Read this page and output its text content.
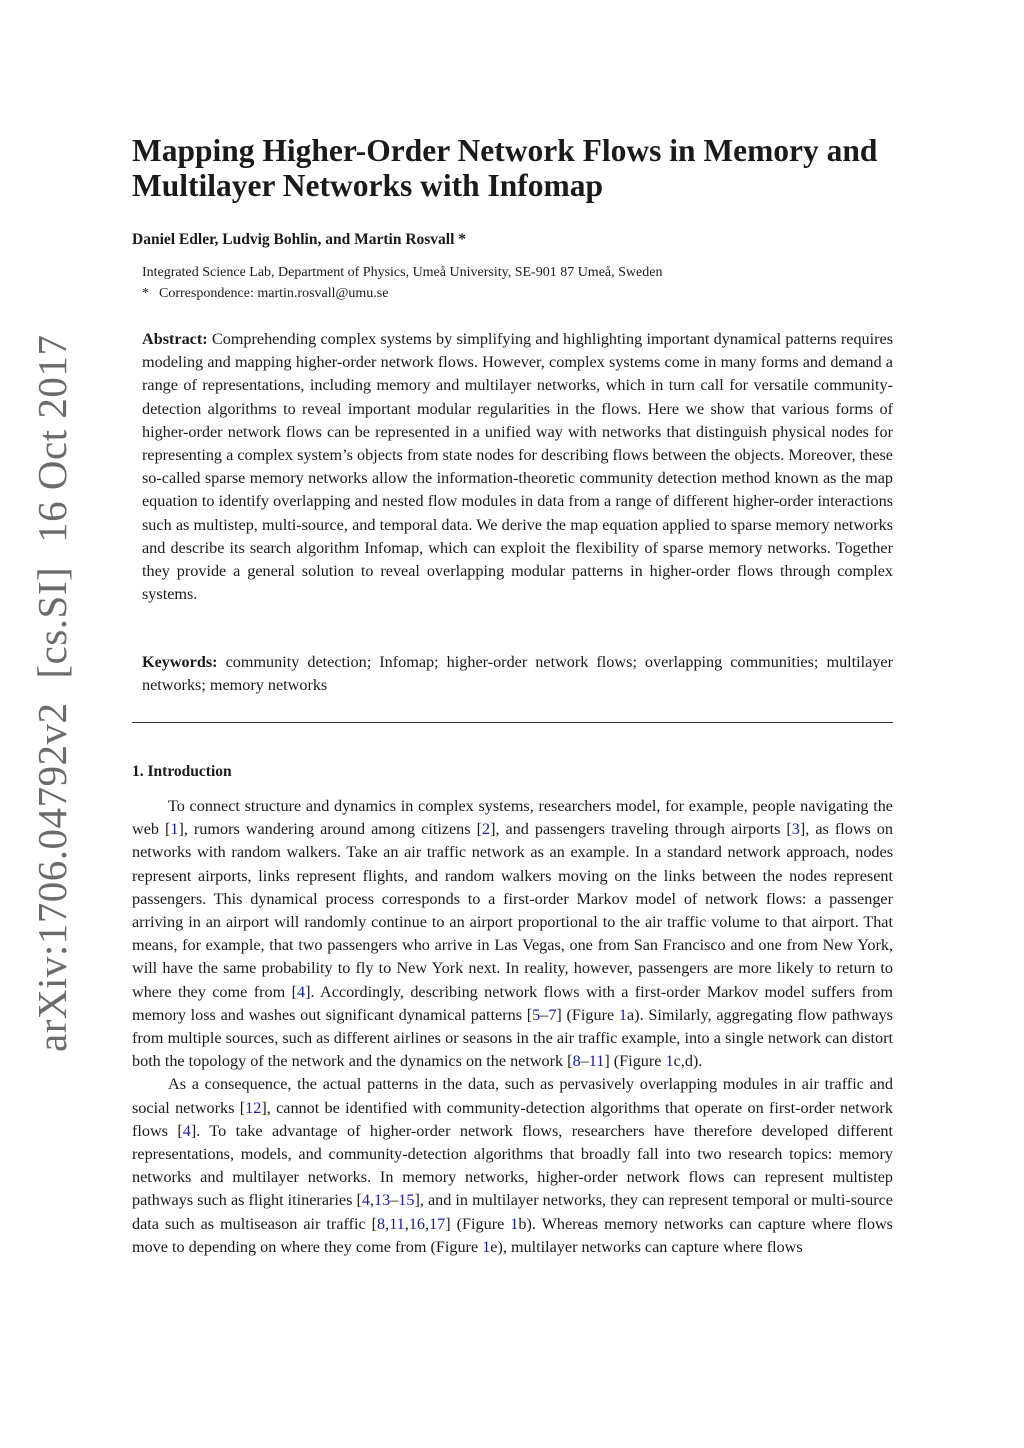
arXiv:1706.04792v2[cs.SI]16 Oct 2017
Mapping Higher-Order Network Flows in Memory and Multilayer Networks with Infomap
Daniel Edler, Ludvig Bohlin, and Martin Rosvall *
Integrated Science Lab, Department of Physics, Umeå University, SE-901 87 Umeå, Sweden
* Correspondence: martin.rosvall@umu.se

Abstract: Comprehending complex systems by simplifying and highlighting important dynamical patterns requires modeling and mapping higher-order network flows. However, complex systems come in many forms and demand a range of representations, including memory and multilayer networks, which in turn call for versatile community-detection algorithms to reveal important modular regularities in the flows. Here we show that various forms of higher-order network flows can be represented in a unified way with networks that distinguish physical nodes for representing a complex system’s objects from state nodes for describing flows between the objects. Moreover, these so-called sparse memory networks allow the information-theoretic community detection method known as the map equation to identify overlapping and nested flow modules in data from a range of different higher-order interactions such as multistep, multi-source, and temporal data. We derive the map equation applied to sparse memory networks and describe its search algorithm Infomap, which can exploit the flexibility of sparse memory networks. Together they provide a general solution to reveal overlapping modular patterns in higher-order flows through complex systems.

Keywords: community detection; Infomap; higher-order network flows; overlapping communities; multilayer networks; memory networks

1. Introduction

To connect structure and dynamics in complex systems, researchers model, for example, people navigating the web [1], rumors wandering around among citizens [2], and passengers traveling through airports [3], as flows on networks with random walkers. Take an air traffic network as an example. In a standard network approach, nodes represent airports, links represent flights, and random walkers moving on the links between the nodes represent passengers. This dynamical process corresponds to a first-order Markov model of network flows: a passenger arriving in an airport will randomly continue to an airport proportional to the air traffic volume to that airport. That means, for example, that two passengers who arrive in Las Vegas, one from San Francisco and one from New York, will have the same probability to fly to New York next. In reality, however, passengers are more likely to return to where they come from [4]. Accordingly, describing network flows with a first-order Markov model suffers from memory loss and washes out significant dynamical patterns [5–7] (Figure 1a). Similarly, aggregating flow pathways from multiple sources, such as different airlines or seasons in the air traffic example, into a single network can distort both the topology of the network and the dynamics on the network [8–11] (Figure 1c,d).

As a consequence, the actual patterns in the data, such as pervasively overlapping modules in air traffic and social networks [12], cannot be identified with community-detection algorithms that operate on first-order network flows [4]. To take advantage of higher-order network flows, researchers have therefore developed different representations, models, and community-detection algorithms that broadly fall into two research topics: memory networks and multilayer networks. In memory networks, higher-order network flows can represent multistep pathways such as flight itineraries [4,13–15], and in multilayer networks, they can represent temporal or multi-source data such as multiseason air traffic [8,11,16,17] (Figure 1b). Whereas memory networks can capture where flows move to depending on where they come from (Figure 1e), multilayer networks can capture where flows
